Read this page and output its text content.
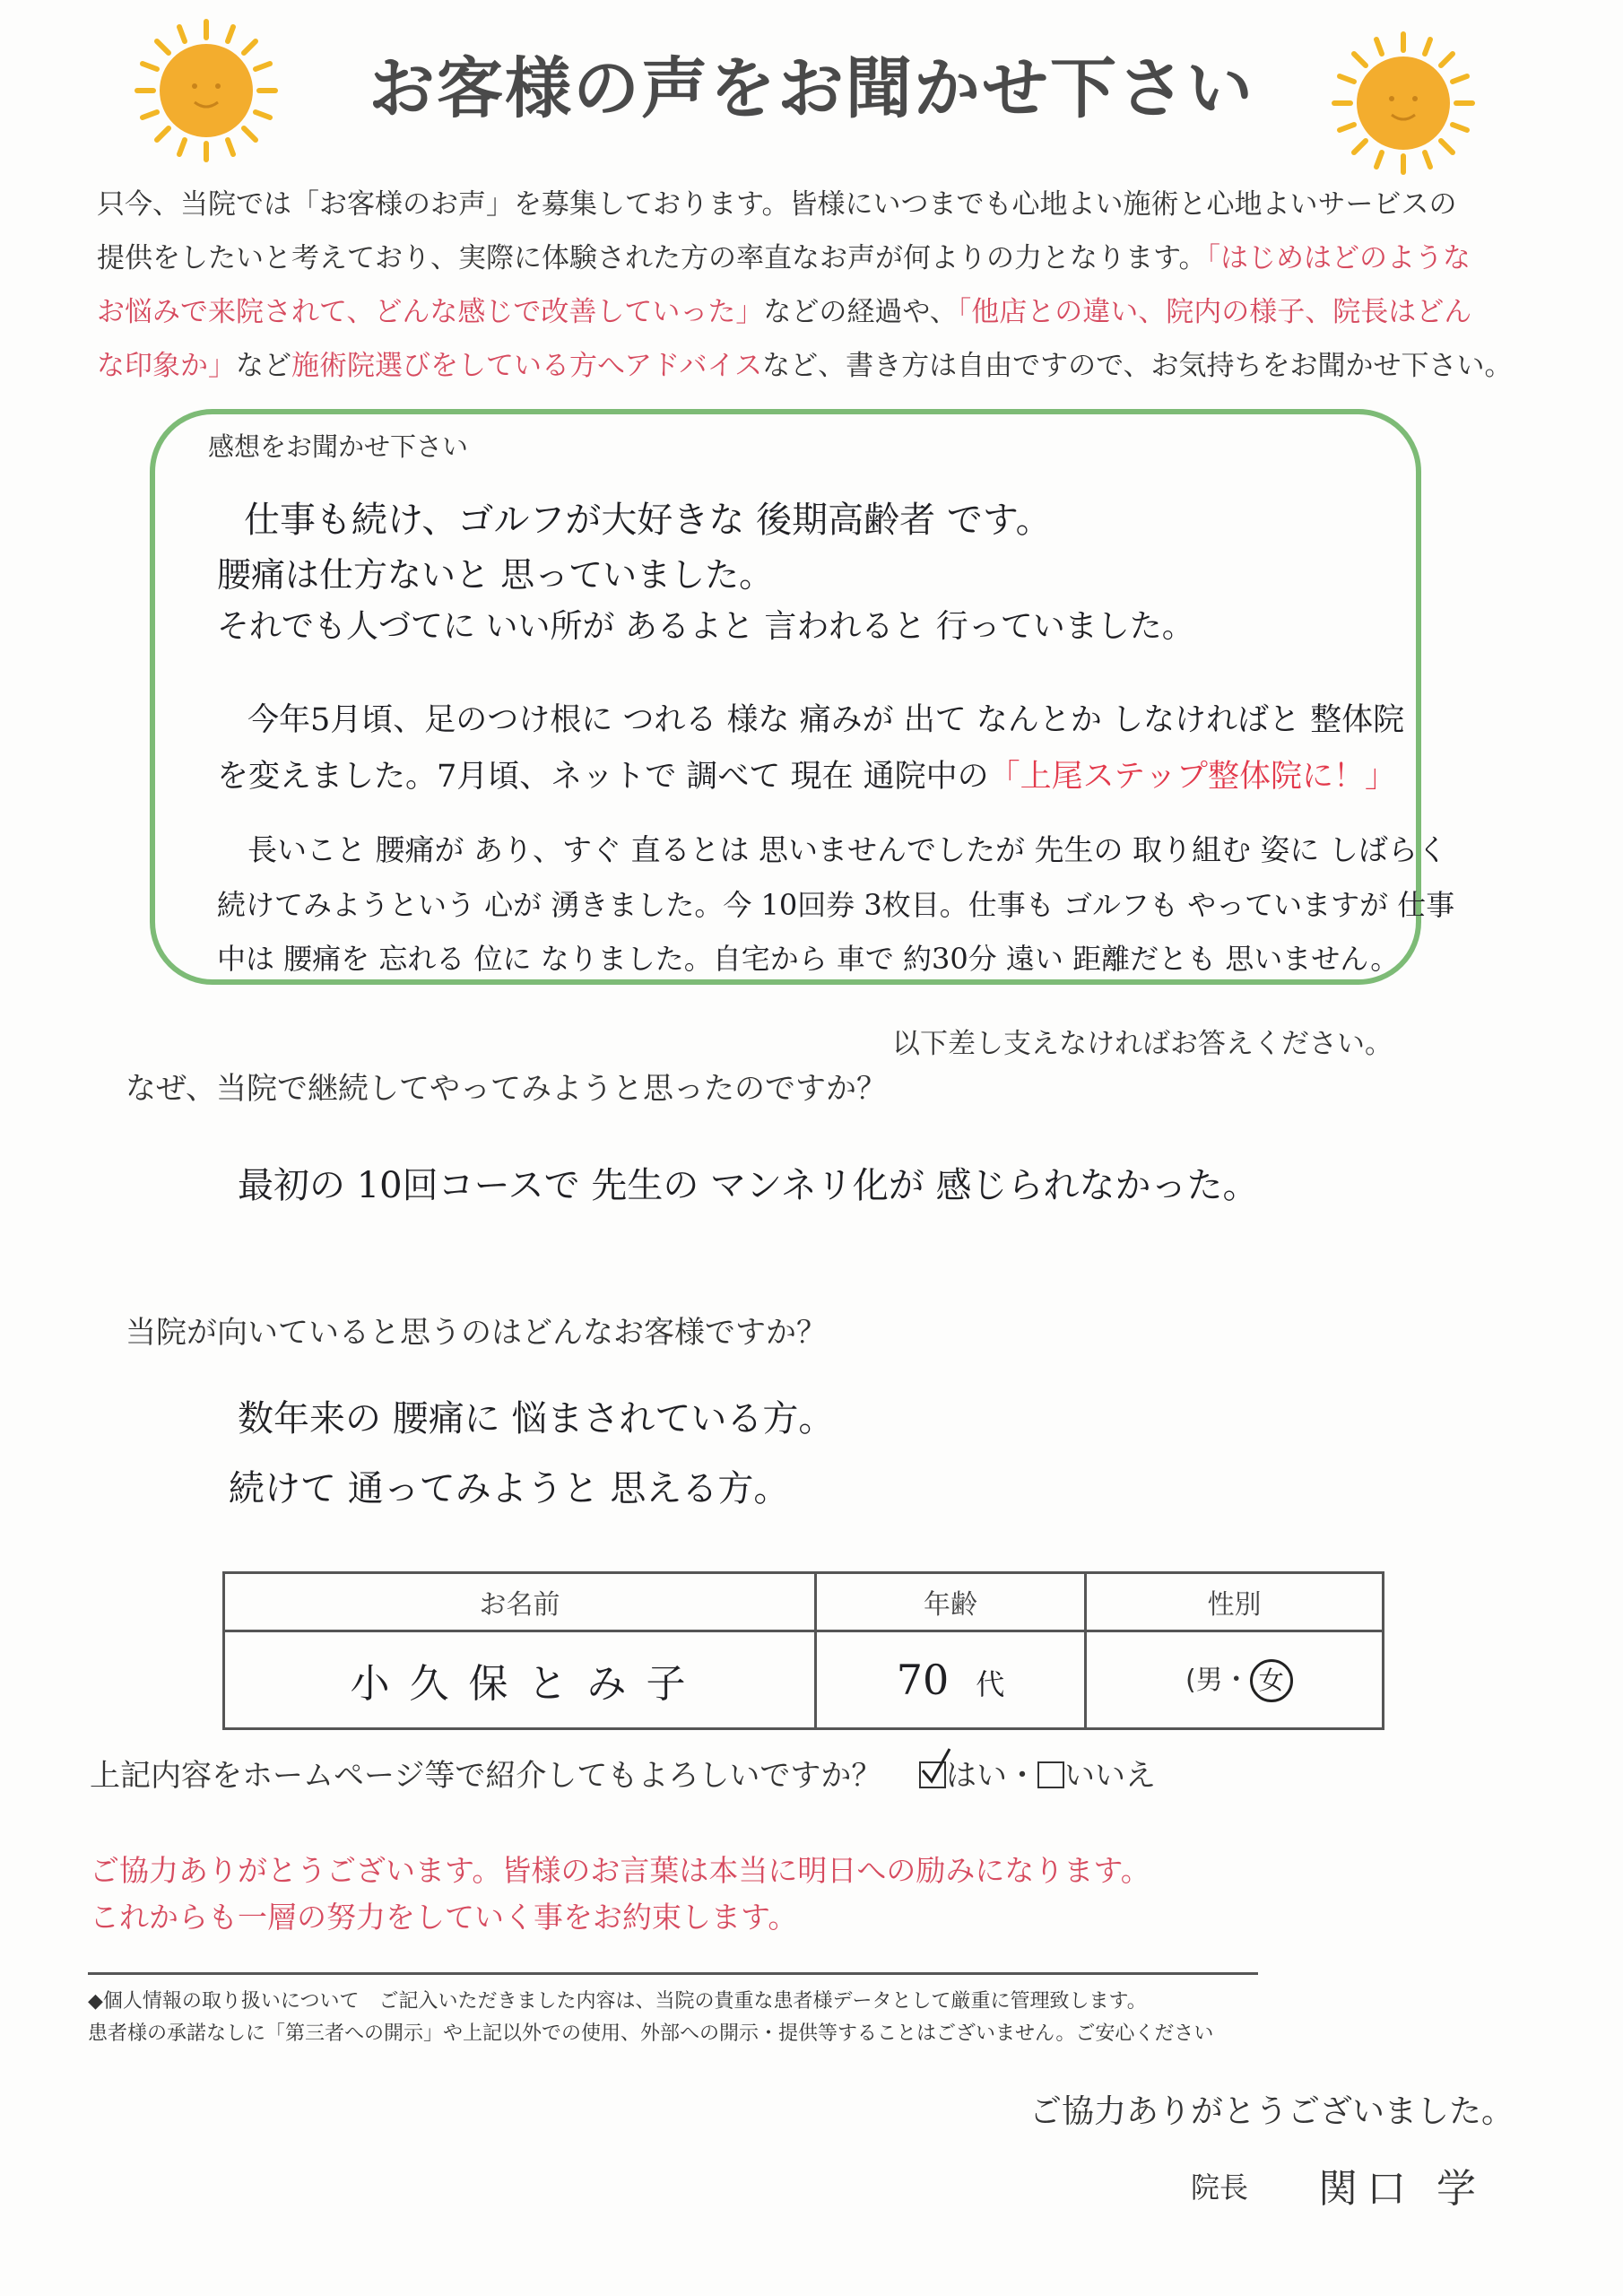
お客様の声をお聞かせ下さい

只今、当院では「お客様のお声」を募集しております。皆様にいつまでも心地よい施術と心地よいサービスの

提供をしたいと考えており、実際に体験された方の率直なお声が何よりの力となります。「はじめはどのような

お悩みで来院されて、どんな感じで改善していった」などの経過や、「他店との違い、院内の様子、院長はどん

な印象か」など施術院選びをしている方へアドバイスなど、書き方は自由ですので、お気持ちをお聞かせ下さい。

感想をお聞かせ下さい
仕事も続け、ゴルフが大好きな 後期高齢者 です。
腰痛は仕方ないと 思っていました。
それでも人づてに いい所が あるよと 言われると 行っていました。
今年5月頃、足のつけ根に つれる 様な 痛みが 出て なんとか しなければと 整体院
を変えました。7月頃、ネットで 調べて 現在 通院中の「上尾ステップ整体院に！」
長いこと 腰痛が あり、すぐ 直るとは 思いませんでしたが 先生の 取り組む 姿に しばらく
続けてみようという 心が 湧きました。今 10回券 3枚目。仕事も ゴルフも やっていますが 仕事
中は 腰痛を 忘れる 位に なりました。自宅から 車で 約30分 遠い 距離だとも 思いません。
以下差し支えなければお答えください。
なぜ、当院で継続してやってみようと思ったのですか？
最初の 10回コースで 先生の マンネリ化が 感じられなかった。
当院が向いていると思うのはどんなお客様ですか？
数年来の 腰痛に 悩まされている方。
続けて 通ってみようと 思える方。
お名前	年齢	性別
小 久 保 と み 子	70 代	(男・ 女
上記内容をホームページ等で紹介してもよろしいですか？ はい・ いいえ
ご協力ありがとうございます。皆様のお言葉は本当に明日への励みになります。
これからも一層の努力をしていく事をお約束します。
◆個人情報の取り扱いについて　ご記入いただきました内容は、当院の貴重な患者様データとして厳重に管理致します。
患者様の承諾なしに「第三者への開示」や上記以外での使用、外部への開示・提供等することはございません。ご安心ください
ご協力ありがとうございました。
院長 関口 学
